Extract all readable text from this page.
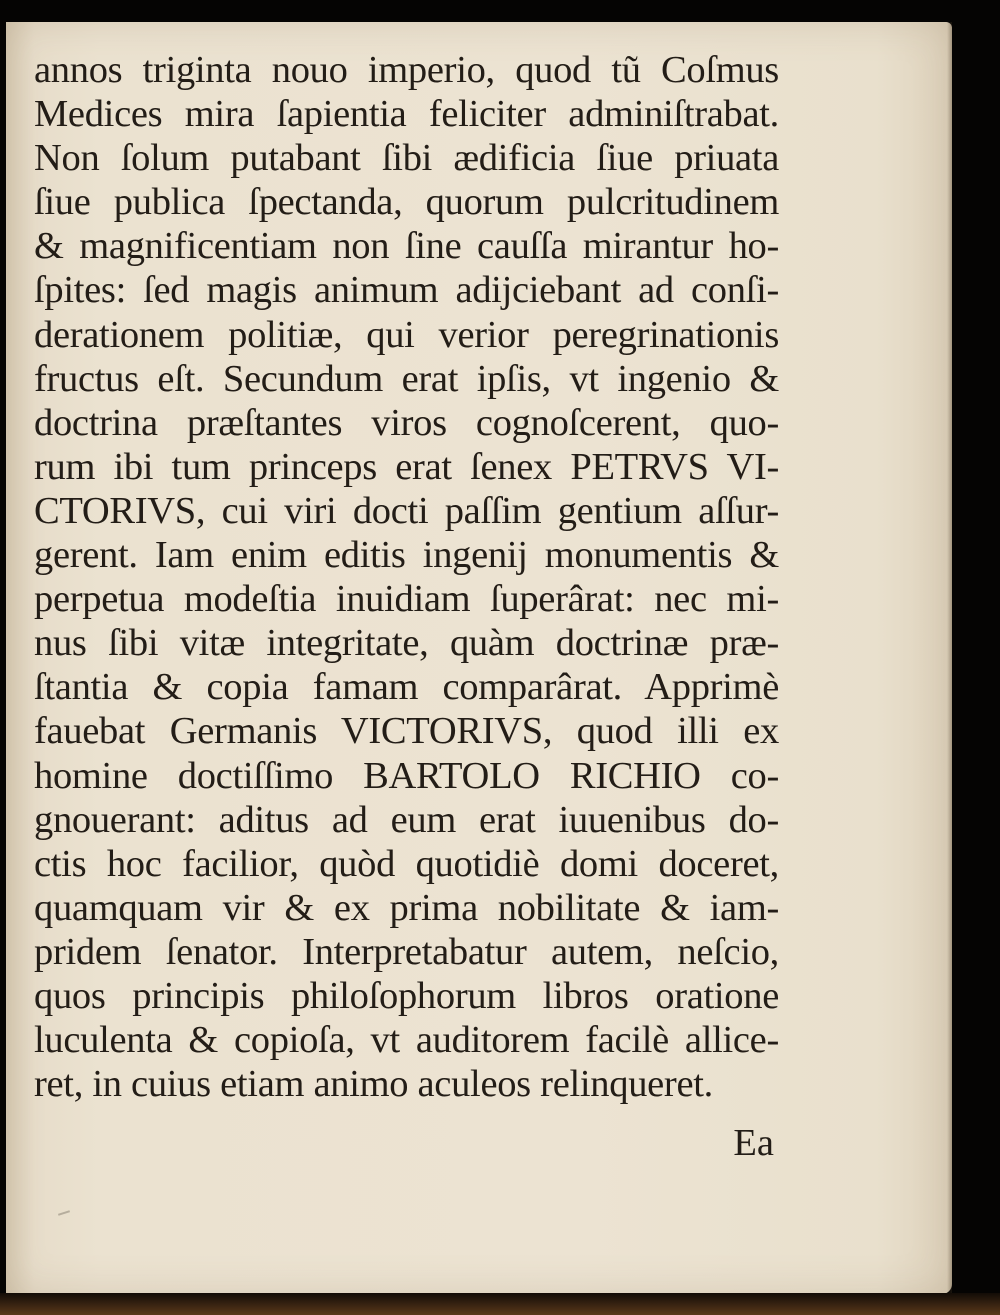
annos triginta nouo imperio, quod tũ Coſmus
Medices mira ſapientia feliciter adminiſtrabat.
Non ſolum putabant ſibi ædificia ſiue priuata
ſiue publica ſpectanda, quorum pulcritudinem
& magnificentiam non ſine cauſſa mirantur ho-
ſpites: ſed magis animum adijciebant ad conſi-
derationem politiæ, qui verior peregrinationis
fructus eſt. Secundum erat ipſis, vt ingenio &
doctrina præſtantes viros cognoſcerent, quo-
rum ibi tum princeps erat ſenex PETRVS VI-
CTORIVS, cui viri docti paſſim gentium aſſur-
gerent. Iam enim editis ingenij monumentis &
perpetua modeſtia inuidiam ſuperârat: nec mi-
nus ſibi vitæ integritate, quàm doctrinæ præ-
ſtantia & copia famam comparârat. Apprimè
fauebat Germanis VICTORIVS, quod illi ex
homine doctiſſimo BARTOLO RICHIO co-
gnouerant: aditus ad eum erat iuuenibus do-
ctis hoc facilior, quòd quotidiè domi doceret,
quamquam vir & ex prima nobilitate & iam-
pridem ſenator. Interpretabatur autem, neſcio,
quos principis philoſophorum libros oratione
luculenta & copioſa, vt auditorem facilè allice-
ret, in cuius etiam animo aculeos relinqueret.
Ea
